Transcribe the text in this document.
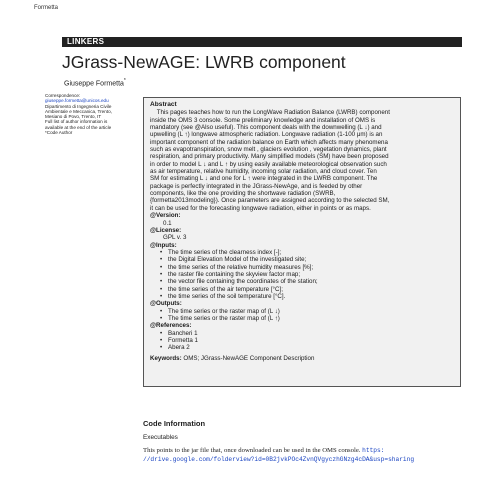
Formetta
LINKERS
JGrass-NewAGE: LWRB component
Giuseppe Formetta*
Correspondence:
giuseppe.formetta@unicos.edu
Dipartimento di Ingegneria Civile
Ambientale e Meccanica, Trento,
Mesiano di Povo, Trento, IT
Full list of author information is
available at the end of the article
*Code Author
Abstract
This pages teaches how to run the LongWave Radiation Balance (LWRB) component
inside the OMS 3 console. Some preliminary knowledge and installation of OMS is
mandatory (see @Also useful). This component deals with the downwelling (L ↓) and
upwelling (L ↑) longwave atmospheric radiation. Longwave radiation (1-100 μm) is an
important component of the radiation balance on Earth which affects many phenomena
such as evapotranspiration, snow melt , glaciers evolution , vegetation dynamics, plant
respiration, and primary productivity. Many simplified models (SM) have been proposed
in order to model L ↓ and L ↑ by using easily available meteorological observation such
as air temperature, relative humidity, incoming solar radiation, and cloud cover. Ten
SM for estimating L ↓ and one for L ↑ were integrated in the LWRB component. The
package is perfectly integrated in the JGrass-NewAge, and is feeded by other
components, like the one providing the shortwave radiation (SWRB,
{formetta2013modeling}). Once parameters are assigned according to the selected SM,
it can be used for the forecasting longwave radiation, either in points or as maps.
@Version:
0.1
@License:
GPL v. 3
@Inputs:
• The time series of the clearness index [-];
• the Digital Elevation Model of the investigated site;
• the time series of the relative humidity measures [%];
• the raster file containing the skyview factor map;
• the vector file containing the coordinates of the station;
• the time series of the air temperature [°C];
• the time series of the soil temperature [°C].
@Outputs:
• The time series or the raster map of (L ↓)
• The time series or the raster map of (L ↑)
@References:
• Bancheri 1
• Formetta 1
• Abera 2
Keywords: OMS; JGrass-NewAGE Component Description
Code Information
Executables
This points to the jar file that, once downloaded can be used in the OMS console. https:
//drive.google.com/folderview?id=0B2jvkPOc4ZvnQVgyczhGNzg4cDA&usp=sharing
